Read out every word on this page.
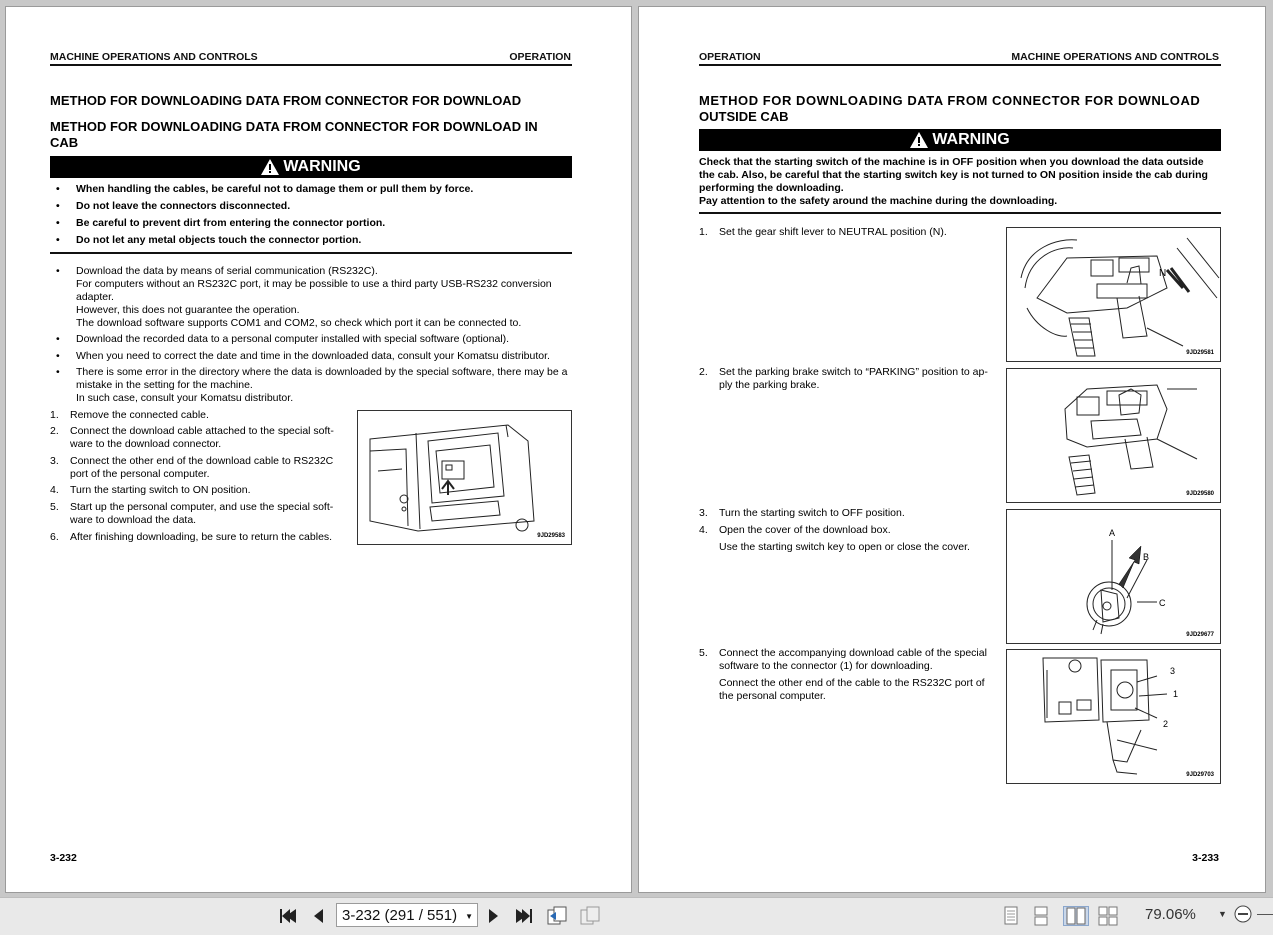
MACHINE OPERATIONS AND CONTROLS	OPERATION
METHOD FOR DOWNLOADING DATA FROM CONNECTOR FOR DOWNLOAD
METHOD FOR DOWNLOADING DATA FROM CONNECTOR FOR DOWNLOAD IN
CAB
WARNING
•	When handling the cables, be careful not to damage them or pull them by force.
•	Do not leave the connectors disconnected.
•	Be careful to prevent dirt from entering the connector portion.
•	Do not let any metal objects touch the connector portion.
•	Download the data by means of serial communication (RS232C).
For computers without an RS232C port, it may be possible to use a third party USB-RS232 conversion
adapter.
However, this does not guarantee the operation.
The download software supports COM1 and COM2, so check which port it can be connected to.
•	Download the recorded data to a personal computer installed with special software (optional).
•	When you need to correct the date and time in the downloaded data, consult your Komatsu distributor.
•	There is some error in the directory where the data is downloaded by the special software, there may be a
mistake in the setting for the machine.
In such case, consult your Komatsu distributor.
1.	Remove the connected cable.
2.	Connect the download cable attached to the special soft-
ware to the download connector.
3.	Connect the other end of the download cable to RS232C
port of the personal computer.
4.	Turn the starting switch to ON position.
5.	Start up the personal computer, and use the special soft-
ware to download the data.
6.	After finishing downloading, be sure to return the cables.	9JD29583
3-232
OPERATION	MACHINE OPERATIONS AND CONTROLS
METHOD FOR DOWNLOADING DATA FROM CONNECTOR FOR DOWNLOAD
OUTSIDE CAB
WARNING
Check that the starting switch of the machine is in OFF position when you download the data outside
the cab. Also, be careful that the starting switch key is not turned to ON position inside the cab during
performing the downloading.
Pay attention to the safety around the machine during the downloading.
1.	Set the gear shift lever to NEUTRAL position (N).
2.	Set the parking brake switch to “PARKING” position to ap-
ply the parking brake.
3.	Turn the starting switch to OFF position.
4.	Open the cover of the download box.
Use the starting switch key to open or close the cover.
5.	Connect the accompanying download cable of the special
software to the connector (1) for downloading.
Connect the other end of the cable to the RS232C port of
the personal computer.
N
9JD29581
9JD29580
A
B
C
9JD29677
3
1
2
9JD29703
3-233
3-232 (291 / 551) ▼	79.06% ▼
